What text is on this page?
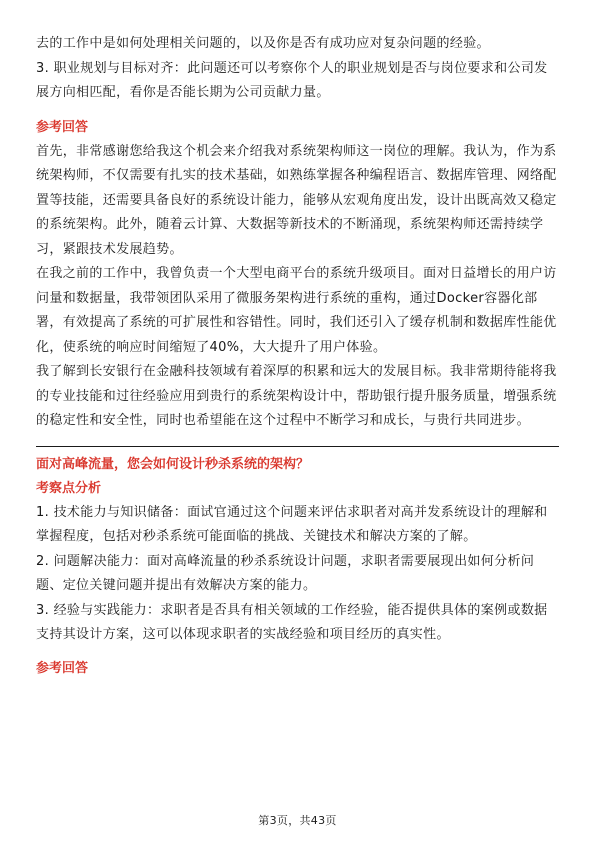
去的工作中是如何处理相关问题的，以及你是否有成功应对复杂问题的经验。

3. 职业规划与目标对齐：此问题还可以考察你个人的职业规划是否与岗位要求和公司发展方向相匹配，看你是否能长期为公司贡献力量。

参考回答

首先，非常感谢您给我这个机会来介绍我对系统架构师这一岗位的理解。我认为，作为系统架构师，不仅需要有扎实的技术基础，如熟练掌握各种编程语言、数据库管理、网络配置等技能，还需要具备良好的系统设计能力，能够从宏观角度出发，设计出既高效又稳定的系统架构。此外，随着云计算、大数据等新技术的不断涌现，系统架构师还需持续学习，紧跟技术发展趋势。

在我之前的工作中，我曾负责一个大型电商平台的系统升级项目。面对日益增长的用户访问量和数据量，我带领团队采用了微服务架构进行系统的重构，通过Docker容器化部署，有效提高了系统的可扩展性和容错性。同时，我们还引入了缓存机制和数据库性能优化，使系统的响应时间缩短了40%，大大提升了用户体验。

我了解到长安银行在金融科技领域有着深厚的积累和远大的发展目标。我非常期待能将我的专业技能和过往经验应用到贵行的系统架构设计中，帮助银行提升服务质量，增强系统的稳定性和安全性，同时也希望能在这个过程中不断学习和成长，与贵行共同进步。

面对高峰流量，您会如何设计秒杀系统的架构？
考察点分析

1. 技术能力与知识储备：面试官通过这个问题来评估求职者对高并发系统设计的理解和掌握程度，包括对秒杀系统可能面临的挑战、关键技术和解决方案的了解。

2. 问题解决能力：面对高峰流量的秒杀系统设计问题，求职者需要展现出如何分析问题、定位关键问题并提出有效解决方案的能力。

3. 经验与实践能力：求职者是否具有相关领域的工作经验，能否提供具体的案例或数据支持其设计方案，这可以体现求职者的实战经验和项目经历的真实性。

参考回答
第3页，共43页
